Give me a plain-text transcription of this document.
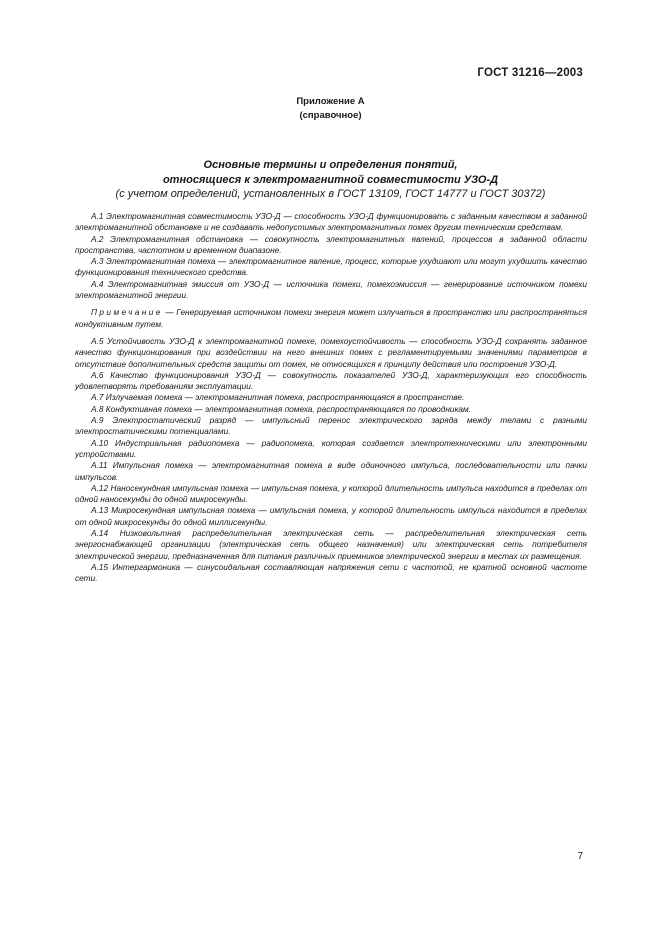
ГОСТ 31216—2003
Приложение А
(справочное)
Основные термины и определения понятий,
относящиеся к электромагнитной совместимости УЗО-Д
(с учетом определений, установленных в ГОСТ 13109, ГОСТ 14777 и ГОСТ 30372)

А.1 Электромагнитная совместимость УЗО-Д — способность УЗО-Д функционировать с заданным качеством в заданной электромагнитной обстановке и не создавать недопустимых электромагнитных помех другим техническим средствам.

А.2 Электромагнитная обстановка — совокупность электромагнитных явлений, процессов в заданной области пространства, частотном и временном диапазоне.

А.3 Электромагнитная помеха — электромагнитное явление, процесс, которые ухудшают или могут ухудшить качество функционирования технического средства.

А.4 Электромагнитная эмиссия от УЗО-Д — источника помехи, помехоэмиссия — генерирование источником помехи электромагнитной энергии.

Примечание — Генерируемая источником помехи энергия может излучаться в пространство или распространяться кондуктивным путем.

А.5 Устойчивость УЗО-Д к электромагнитной помехе, помехоустойчивость — способность УЗО-Д сохранять заданное качество функционирования при воздействии на него внешних помех с регламентируемыми значениями параметров в отсутствие дополнительных средств защиты от помех, не относящихся к принципу действия или построения УЗО-Д.

А.6 Качество функционирования УЗО-Д — совокупность показателей УЗО-Д, характеризующих его способность удовлетворять требованиям эксплуатации.

А.7 Излучаемая помеха — электромагнитная помеха, распространяющаяся в пространстве.

А.8 Кондуктивная помеха — электромагнитная помеха, распространяющаяся по проводникам.

А.9 Электростатический разряд — импульсный перенос электрического заряда между телами с разными электростатическими потенциалами.

А.10 Индустриальная радиопомеха — радиопомеха, которая создается электротехническими или электронными устройствами.

А.11 Импульсная помеха — электромагнитная помеха в виде одиночного импульса, последовательности или пачки импульсов.

А.12 Наносекундная импульсная помеха — импульсная помеха, у которой длительность импульса находится в пределах от одной наносекунды до одной микросекунды.

А.13 Микросекундная импульсная помеха — импульсная помеха, у которой длительность импульса находится в пределах от одной микросекунды до одной миллисекунды.

А.14 Низковольтная распределительная электрическая сеть — распределительная электрическая сеть энергоснабжающей организации (электрическая сеть общего назначения) или электрическая сеть потребителя электрической энергии, предназначенная для питания различных приемников электрической энергии в местах их размещения.

А.15 Интергармоника — синусоидальная составляющая напряжения сети с частотой, не кратной основной частоте сети.

7
